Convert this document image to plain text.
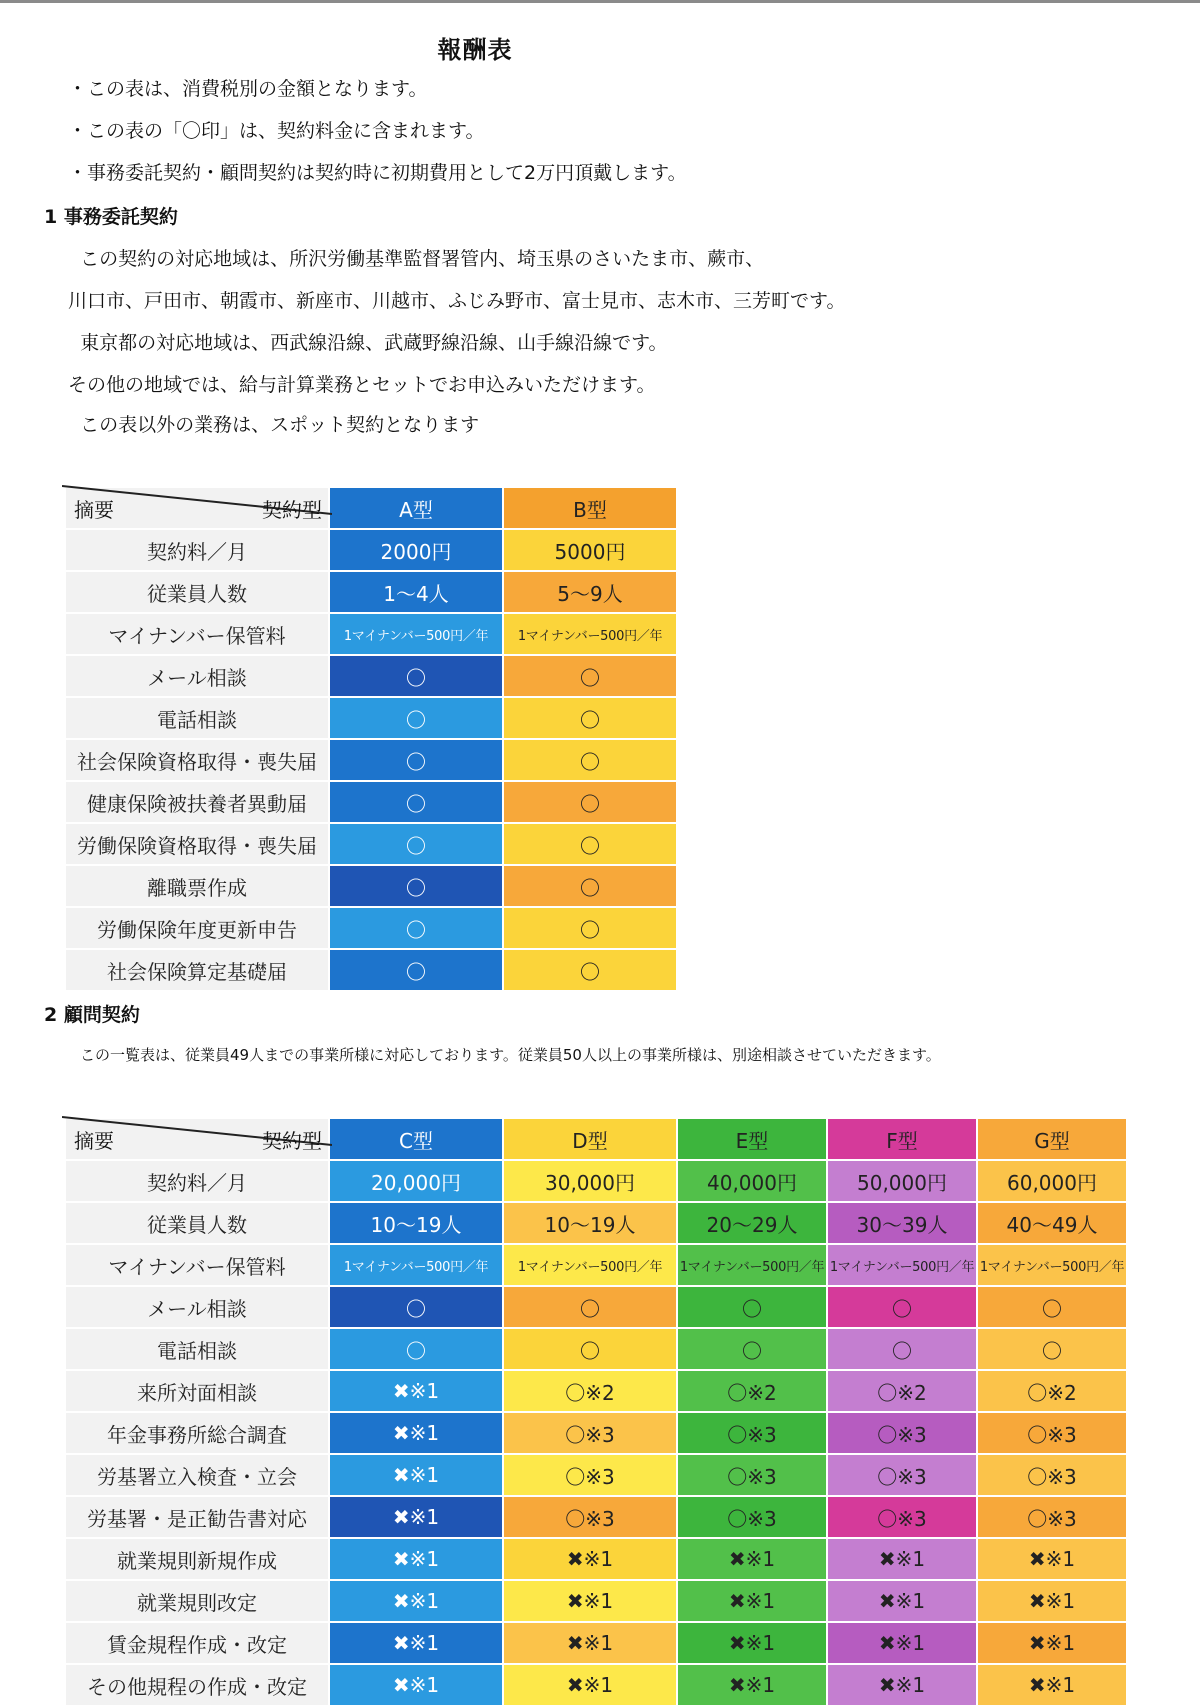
報酬表
・この表は、消費税別の金額となります。
・この表の「〇印」は、契約料金に含まれます。
・事務委託契約・顧問契約は契約時に初期費用として2万円頂戴します。
1 事務委託契約
この契約の対応地域は、所沢労働基準監督署管内、埼玉県のさいたま市、蕨市、
川口市、戸田市、朝霞市、新座市、川越市、ふじみ野市、富士見市、志木市、三芳町です。
東京都の対応地域は、西武線沿線、武蔵野線沿線、山手線沿線です。
その他の地域では、給与計算業務とセットでお申込みいただけます。
この表以外の業務は、スポット契約となります
摘要 契約型	A型	B型
契約料／月	2000円	5000円
従業員人数	1～4人	5～9人
マイナンバー保管料	1マイナンバー500円／年	1マイナンバー500円／年
メール相談	〇	〇
電話相談	〇	〇
社会保険資格取得・喪失届	〇	〇
健康保険被扶養者異動届	〇	〇
労働保険資格取得・喪失届	〇	〇
離職票作成	〇	〇
労働保険年度更新申告	〇	〇
社会保険算定基礎届	〇	〇
2 顧問契約
この一覧表は、従業員49人までの事業所様に対応しております。従業員50人以上の事業所様は、別途相談させていただきます。
摘要 契約型	C型	D型	E型	F型	G型
契約料／月	20,000円	30,000円	40,000円	50,000円	60,000円
従業員人数	10～19人	10～19人	20～29人	30～39人	40～49人
マイナンバー保管料	1マイナンバー500円／年	1マイナンバー500円／年	1マイナンバー500円／年	1マイナンバー500円／年	1マイナンバー500円／年
メール相談	〇	〇	〇	〇	〇
電話相談	〇	〇	〇	〇	〇
来所対面相談	✖※1	〇※2	〇※2	〇※2	〇※2
年金事務所総合調査	✖※1	〇※3	〇※3	〇※3	〇※3
労基署立入検査・立会	✖※1	〇※3	〇※3	〇※3	〇※3
労基署・是正勧告書対応	✖※1	〇※3	〇※3	〇※3	〇※3
就業規則新規作成	✖※1	✖※1	✖※1	✖※1	✖※1
就業規則改定	✖※1	✖※1	✖※1	✖※1	✖※1
賃金規程作成・改定	✖※1	✖※1	✖※1	✖※1	✖※1
その他規程の作成・改定	✖※1	✖※1	✖※1	✖※1	✖※1
